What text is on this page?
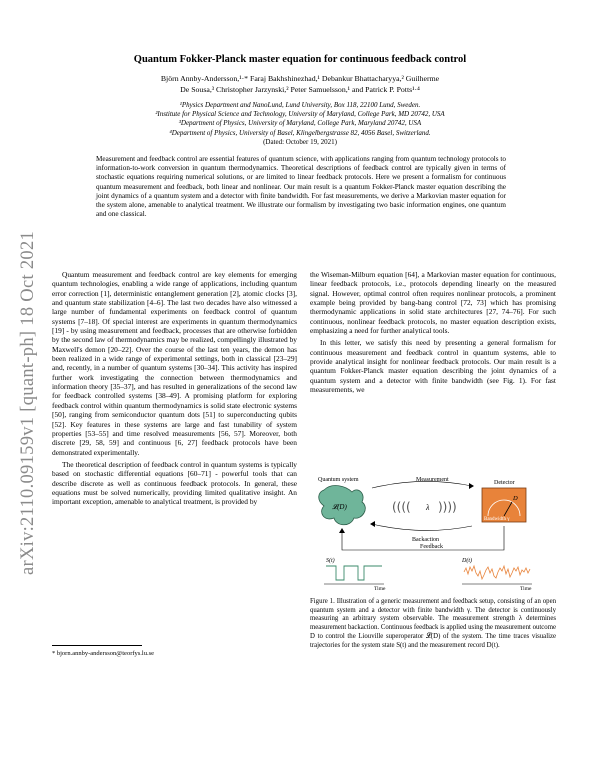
arXiv:2110.09159v1 [quant-ph] 18 Oct 2021
Quantum Fokker-Planck master equation for continuous feedback control
Björn Annby-Andersson,¹·* Faraj Bakhshinezhad,¹ Debankur Bhattacharyya,² Guilherme
De Sousa,³ Christopher Jarzynski,² Peter Samuelsson,¹ and Patrick P. Potts¹·⁴
¹Physics Department and NanoLund, Lund University, Box 118, 22100 Lund, Sweden.
²Institute for Physical Science and Technology, University of Maryland, College Park, MD 20742, USA
³Department of Physics, University of Maryland, College Park, Maryland 20742, USA
⁴Department of Physics, University of Basel, Klingelbergstrasse 82, 4056 Basel, Switzerland.
(Dated: October 19, 2021)
Measurement and feedback control are essential features of quantum science, with applications ranging from quantum technology protocols to information-to-work conversion in quantum thermodynamics. Theoretical descriptions of feedback control are typically given in terms of stochastic equations requiring numerical solutions, or are limited to linear feedback protocols. Here we present a formalism for continuous quantum measurement and feedback, both linear and nonlinear. Our main result is a quantum Fokker-Planck master equation describing the joint dynamics of a quantum system and a detector with finite bandwidth. For fast measurements, we derive a Markovian master equation for the system alone, amenable to analytical treatment. We illustrate our formalism by investigating two basic information engines, one quantum and one classical.

Quantum measurement and feedback control are key elements for emerging quantum technologies, enabling a wide range of applications, including quantum error correction [1], deterministic entanglement generation [2], atomic clocks [3], and quantum state stabilization [4–6]. The last two decades have also witnessed a large number of fundamental experiments on feedback control of quantum systems [7–18]. Of special interest are experiments in quantum thermodynamics [19] - by using measurement and feedback, processes that are otherwise forbidden by the second law of thermodynamics may be realized, compellingly illustrated by Maxwell's demon [20–22]. Over the course of the last ten years, the demon has been realized in a wide range of experimental settings, both in classical [23–29] and, recently, in a number of quantum systems [30–34]. This activity has inspired further work investigating the connection between thermodynamics and information theory [35–37], and has resulted in generalizations of the second law for feedback controlled systems [38–49]. A promising platform for exploring feedback control within quantum thermodynamics is solid state electronic systems [50], ranging from semiconductor quantum dots [51] to superconducting qubits [52]. Key features in these systems are large and fast tunability of system properties [53–55] and time resolved measurements [56, 57]. Moreover, both discrete [29, 58, 59] and continuous [6, 27] feedback protocols have been demonstrated experimentally.

The theoretical description of feedback control in quantum systems is typically based on stochastic differential equations [60–71] - powerful tools that can describe discrete as well as continuous feedback protocols. In general, these equations must be solved numerically, providing limited qualitative insight. An important exception, amenable to analytical treatment, is provided by

the Wiseman-Milburn equation [64], a Markovian master equation for continuous, linear feedback protocols, i.e., protocols depending linearly on the measured signal. However, optimal control often requires nonlinear protocols, a prominent example being provided by bang-bang control [72, 73] which has promising thermodynamic applications in solid state architectures [27, 74–76]. For such continuous, nonlinear feedback protocols, no master equation description exists, emphasizing a need for further analytical tools.

In this letter, we satisfy this need by presenting a general formalism for continuous measurement and feedback control in quantum systems, able to provide analytical insight for nonlinear feedback protocols. Our main result is a quantum Fokker-Planck master equation describing the joint dynamics of a quantum system and a detector with finite bandwidth (see Fig. 1). For fast measurements, we

Quantum system
𝓛(D)
Measurement
(((( λ ))))
Detector
D
Bandwidth γ
Backaction
Feedback
S(t)
Time
D(t)
Time
Figure 1. Illustration of a generic measurement and feedback setup, consisting of an open quantum system and a detector with finite bandwidth γ. The detector is continuously measuring an arbitrary system observable. The measurement strength λ determines measurement backaction. Continuous feedback is applied using the measurement outcome D to control the Liouville superoperator 𝓛(D) of the system. The time traces visualize trajectories for the system state S(t) and the measurement record D(t).
* bjorn.annby-andersson@teorfys.lu.se
